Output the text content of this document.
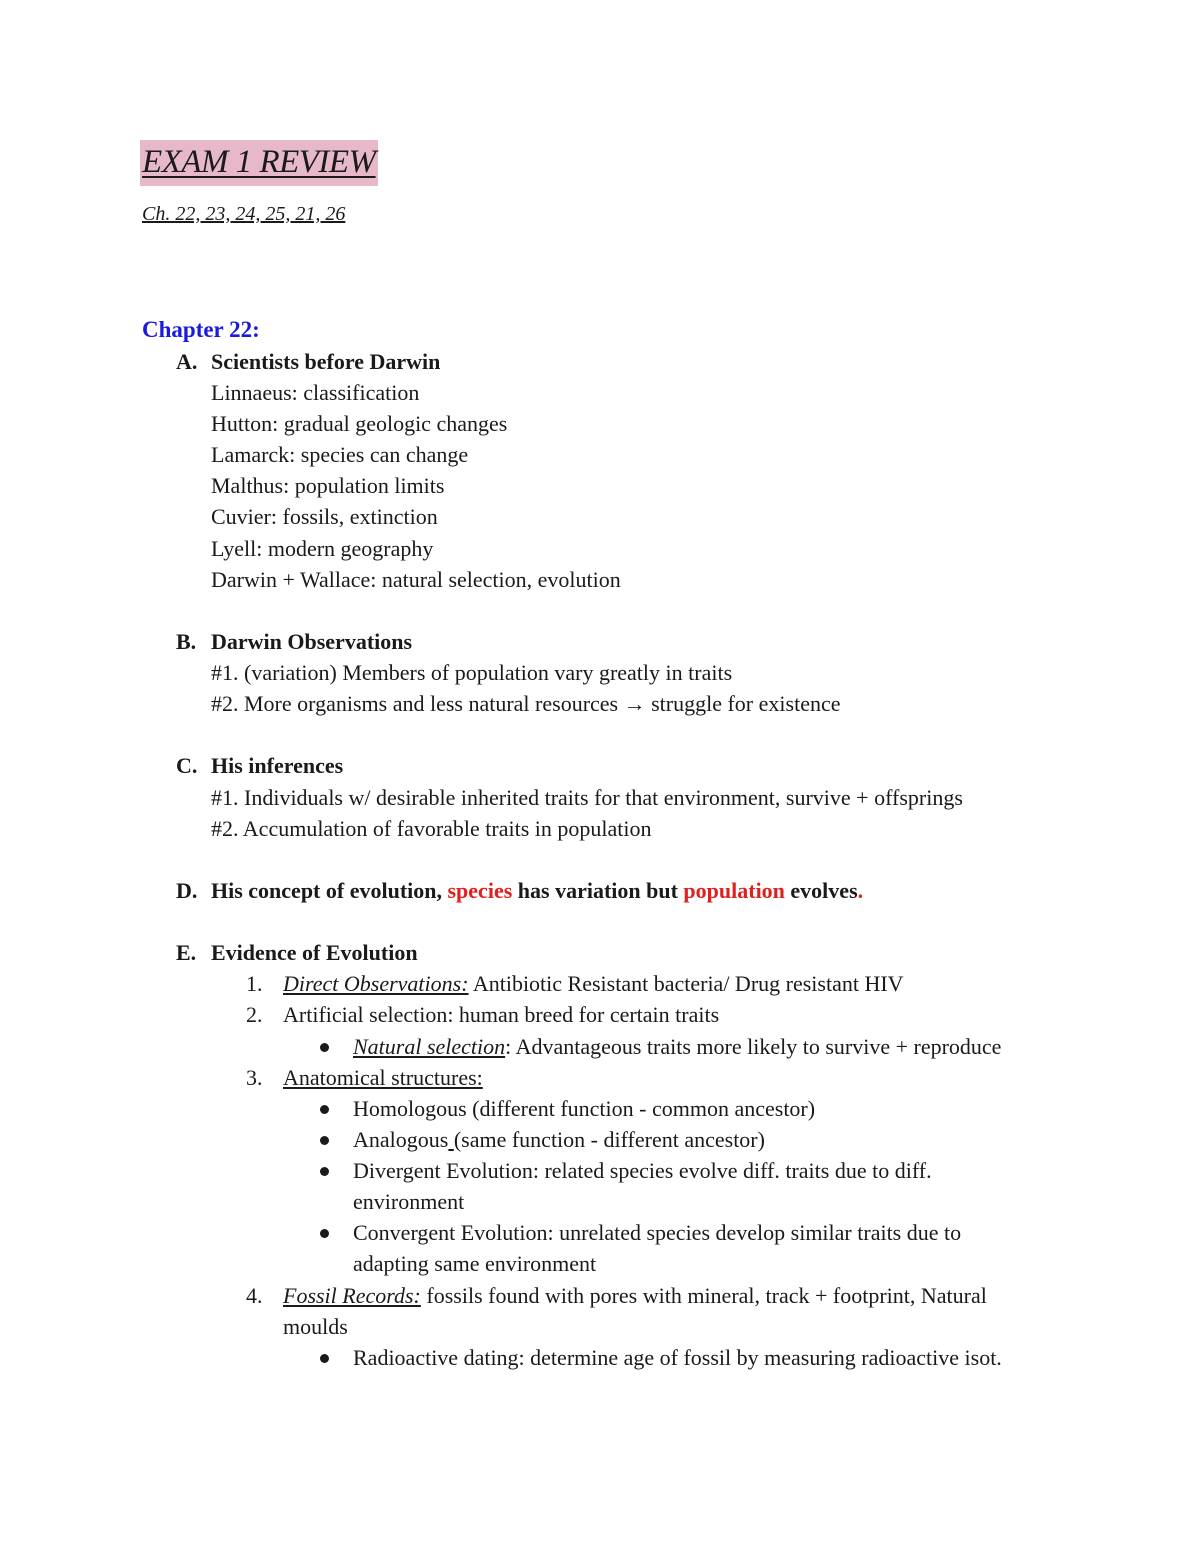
EXAM 1 REVIEW
Ch. 22, 23, 24, 25, 21, 26
Chapter 22:
A. Scientists before Darwin
Linnaeus: classification
Hutton: gradual geologic changes
Lamarck: species can change
Malthus: population limits
Cuvier: fossils, extinction
Lyell: modern geography
Darwin + Wallace: natural selection, evolution
B. Darwin Observations
#1. (variation) Members of population vary greatly in traits
#2. More organisms and less natural resources → struggle for existence
C. His inferences
#1. Individuals w/ desirable inherited traits for that environment, survive + offsprings
#2. Accumulation of favorable traits in population
D. His concept of evolution, species has variation but population evolves.
E. Evidence of Evolution
1. Direct Observations: Antibiotic Resistant bacteria/ Drug resistant HIV
2. Artificial selection: human breed for certain traits
Natural selection: Advantageous traits more likely to survive + reproduce
3. Anatomical structures:
Homologous (different function - common ancestor)
Analogous (same function - different ancestor)
Divergent Evolution: related species evolve diff. traits due to diff.
environment
Convergent Evolution: unrelated species develop similar traits due to
adapting same environment
4. Fossil Records: fossils found with pores with mineral, track + footprint, Natural
moulds
Radioactive dating: determine age of fossil by measuring radioactive isot.
